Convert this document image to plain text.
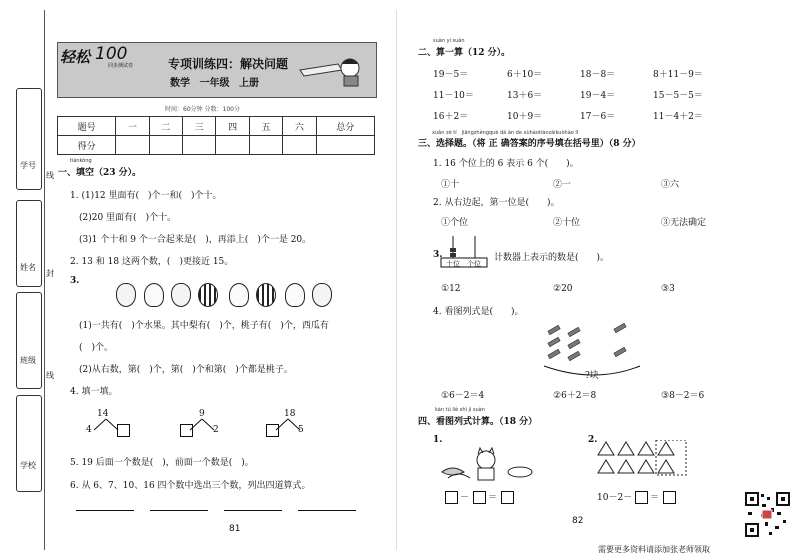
学号
姓名
班级
学校
线
封
线
轻松 100
同步测试卷	专项训练四：解决问题
数学 一年级 上册
时间：60分钟 分数：100分
题号	一	二	三	四	五	六	总分
得分							
tiánkòng
一、填空（23 分）。
1. (1)12 里面有(　)个一和(　)个十。
(2)20 里面有(　)个十。
(3)1 个十和 9 个一合起来是(　)，再添上(　)个一是 20。
2. 13 和 18 这两个数，(　)更接近 15。
3.
(1)一共有(　)个水果。其中梨有(　)个，桃子有(　)个，西瓜有
(　)个。
(2)从右数，第(　)个，第(　)个和第(　)个都是桃子。
4. 填一填。
14
4
9
2
18
5
5. 19 后面一个数是(　)，前面一个数是(　)。
6. 从 6、7、10、16 四个数中选出三个数，列出四道算式。
81
suàn yi suàn
二、算一算（12 分）。
19－5＝	6＋10＝	18－8＝	8＋11－9＝
11－10＝	13＋6＝	19－4＝	15－5－5＝
16＋2＝	10＋9＝	17－6＝	11－4＋2＝
xuǎn zé tí　jiāngzhèngquè dá àn de xùhàotiánzàikuòhào lǐ
三、选择题。（将 正 确答案的序号填在括号里）（8 分）
1. 16 个位上的 6 表示 6 个(　　)。
①十	②一	③六
2. 从右边起，第一位是(　　)。
①个位	②十位	③无法确定
3.
十位 个位
计数器上表示的数是(　　)。
①12	②20	③3
4. 看图列式是(　　)。
?块
①6－2＝4	②6＋2＝8	③8－2＝6
kàn tú liè shì jì suàn
四、看图列式计算。（18 分）
1.
－ ＝
2.
10－2－ ＝
82
需要更多资料请添加张老师领取
